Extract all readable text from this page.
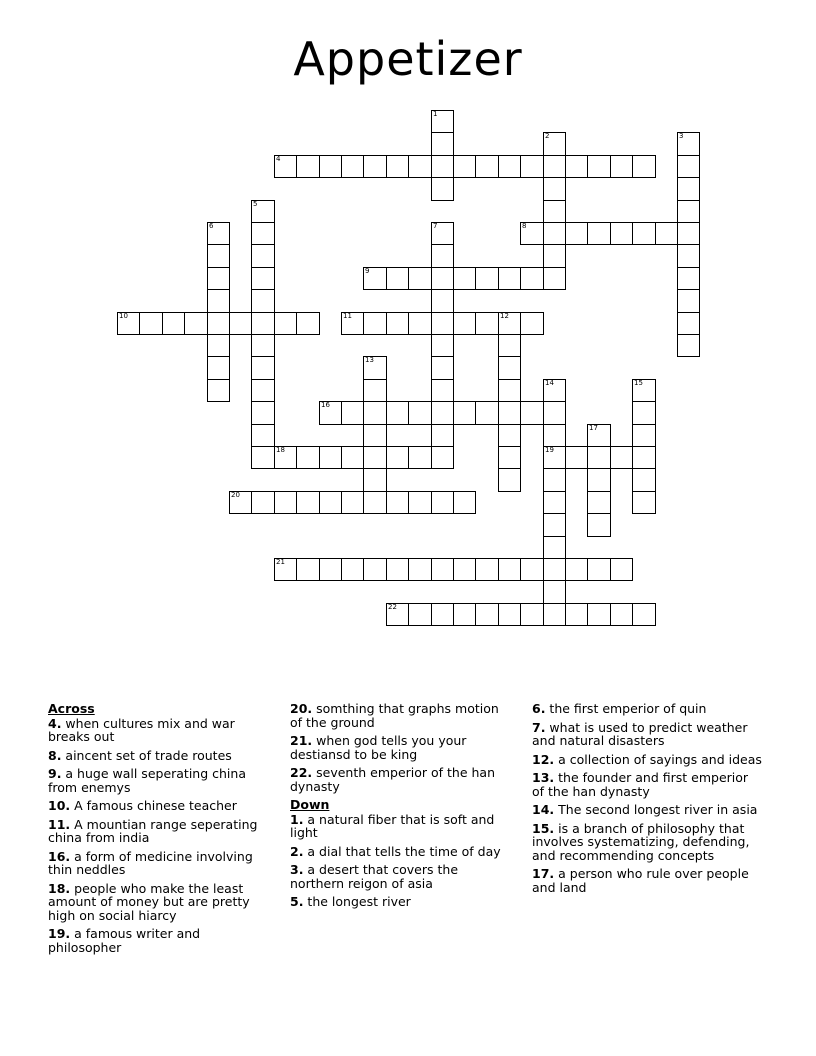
Appetizer
1
2	3
4
5
6	7	8
9
10	11	12
13
14
19
15
16
17
18
20
21
22
Across
4. when cultures mix and war breaks out
8. aincent set of trade routes
9. a huge wall seperating china from enemys
10. A famous chinese teacher
11. A mountian range seperating china from india
16. a form of medicine involving thin neddles
18. people who make the least amount of money but are pretty high on social hiarcy
19. a famous writer and philosopher
20. somthing that graphs motion of the ground
21. when god tells you your destiansd to be king
22. seventh emperior of the han dynasty
Down
1. a natural fiber that is soft and light
2. a dial that tells the time of day
3. a desert that covers the northern reigon of asia
5. the longest river
6. the first emperior of quin
7. what is used to predict weather and natural disasters
12. a collection of sayings and ideas
13. the founder and first emperior of the han dynasty
14. The second longest river in asia
15. is a branch of philosophy that involves systematizing, defending, and recommending concepts
17. a person who rule over people and land
